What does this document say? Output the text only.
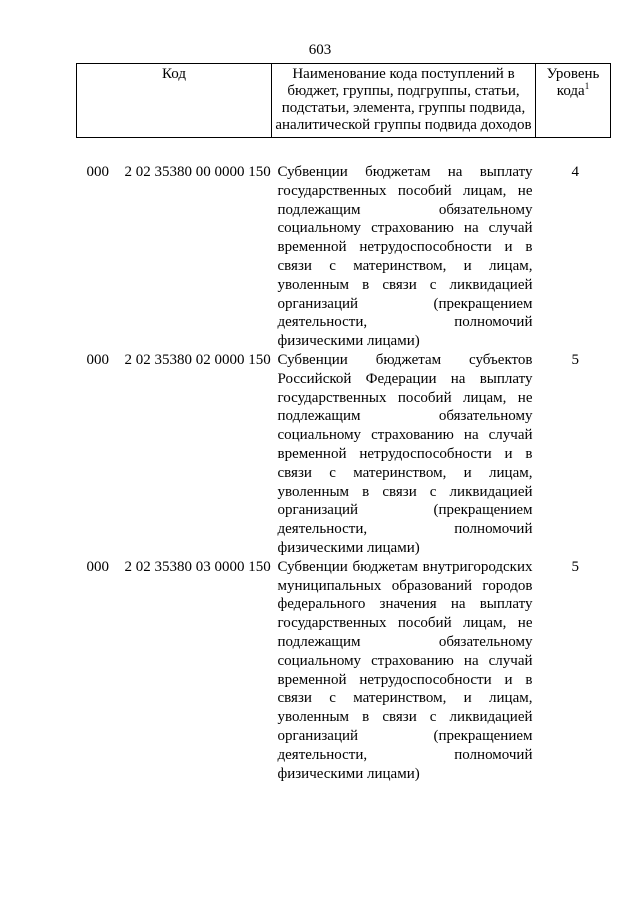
603
Код	Наименование кода поступлений в бюджет, группы, подгруппы, статьи, подстатьи, элемента, группы подвида, аналитической группы подвида доходов	Уровень кода$^1$

000 2 02 35380 00 0000 150	Субвенции бюджетам на выплату государственных пособий лицам, не подлежащим обязательному социальному страхованию на случай временной нетрудоспособности и в связи с материнством, и лицам, уволенным в связи с ликвидацией организаций (прекращением деятельности, полномочий физическими лицами)	4
000 2 02 35380 02 0000 150	Субвенции бюджетам субъектов Российской Федерации на выплату государственных пособий лицам, не подлежащим обязательному социальному страхованию на случай временной нетрудоспособности и в связи с материнством, и лицам, уволенным в связи с ликвидацией организаций (прекращением деятельности, полномочий физическими лицами)	5
000 2 02 35380 03 0000 150	Субвенции бюджетам внутригородских муниципальных образований городов федерального значения на выплату государственных пособий лицам, не подлежащим обязательному социальному страхованию на случай временной нетрудоспособности и в связи с материнством, и лицам, уволенным в связи с ликвидацией организаций (прекращением деятельности, полномочий физическими лицами)	5
